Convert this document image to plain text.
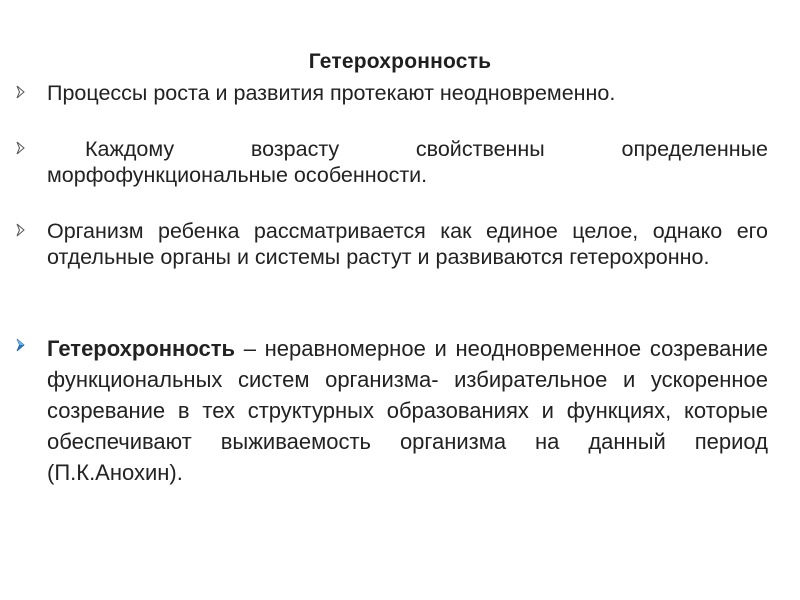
Гетерохронность
Процессы роста и развития протекают неодновременно.
Каждому возрасту свойственны определенные морфофункциональные особенности.
Организм ребенка рассматривается как единое целое, однако его отдельные органы и системы растут и развиваются гетерохронно.
Гетерохронность – неравномерное и неодновременное созревание функциональных систем организма- избирательное и ускоренное созревание в тех структурных образованиях и функциях, которые обеспечивают выживаемость организма на данный период (П.К.Анохин).
